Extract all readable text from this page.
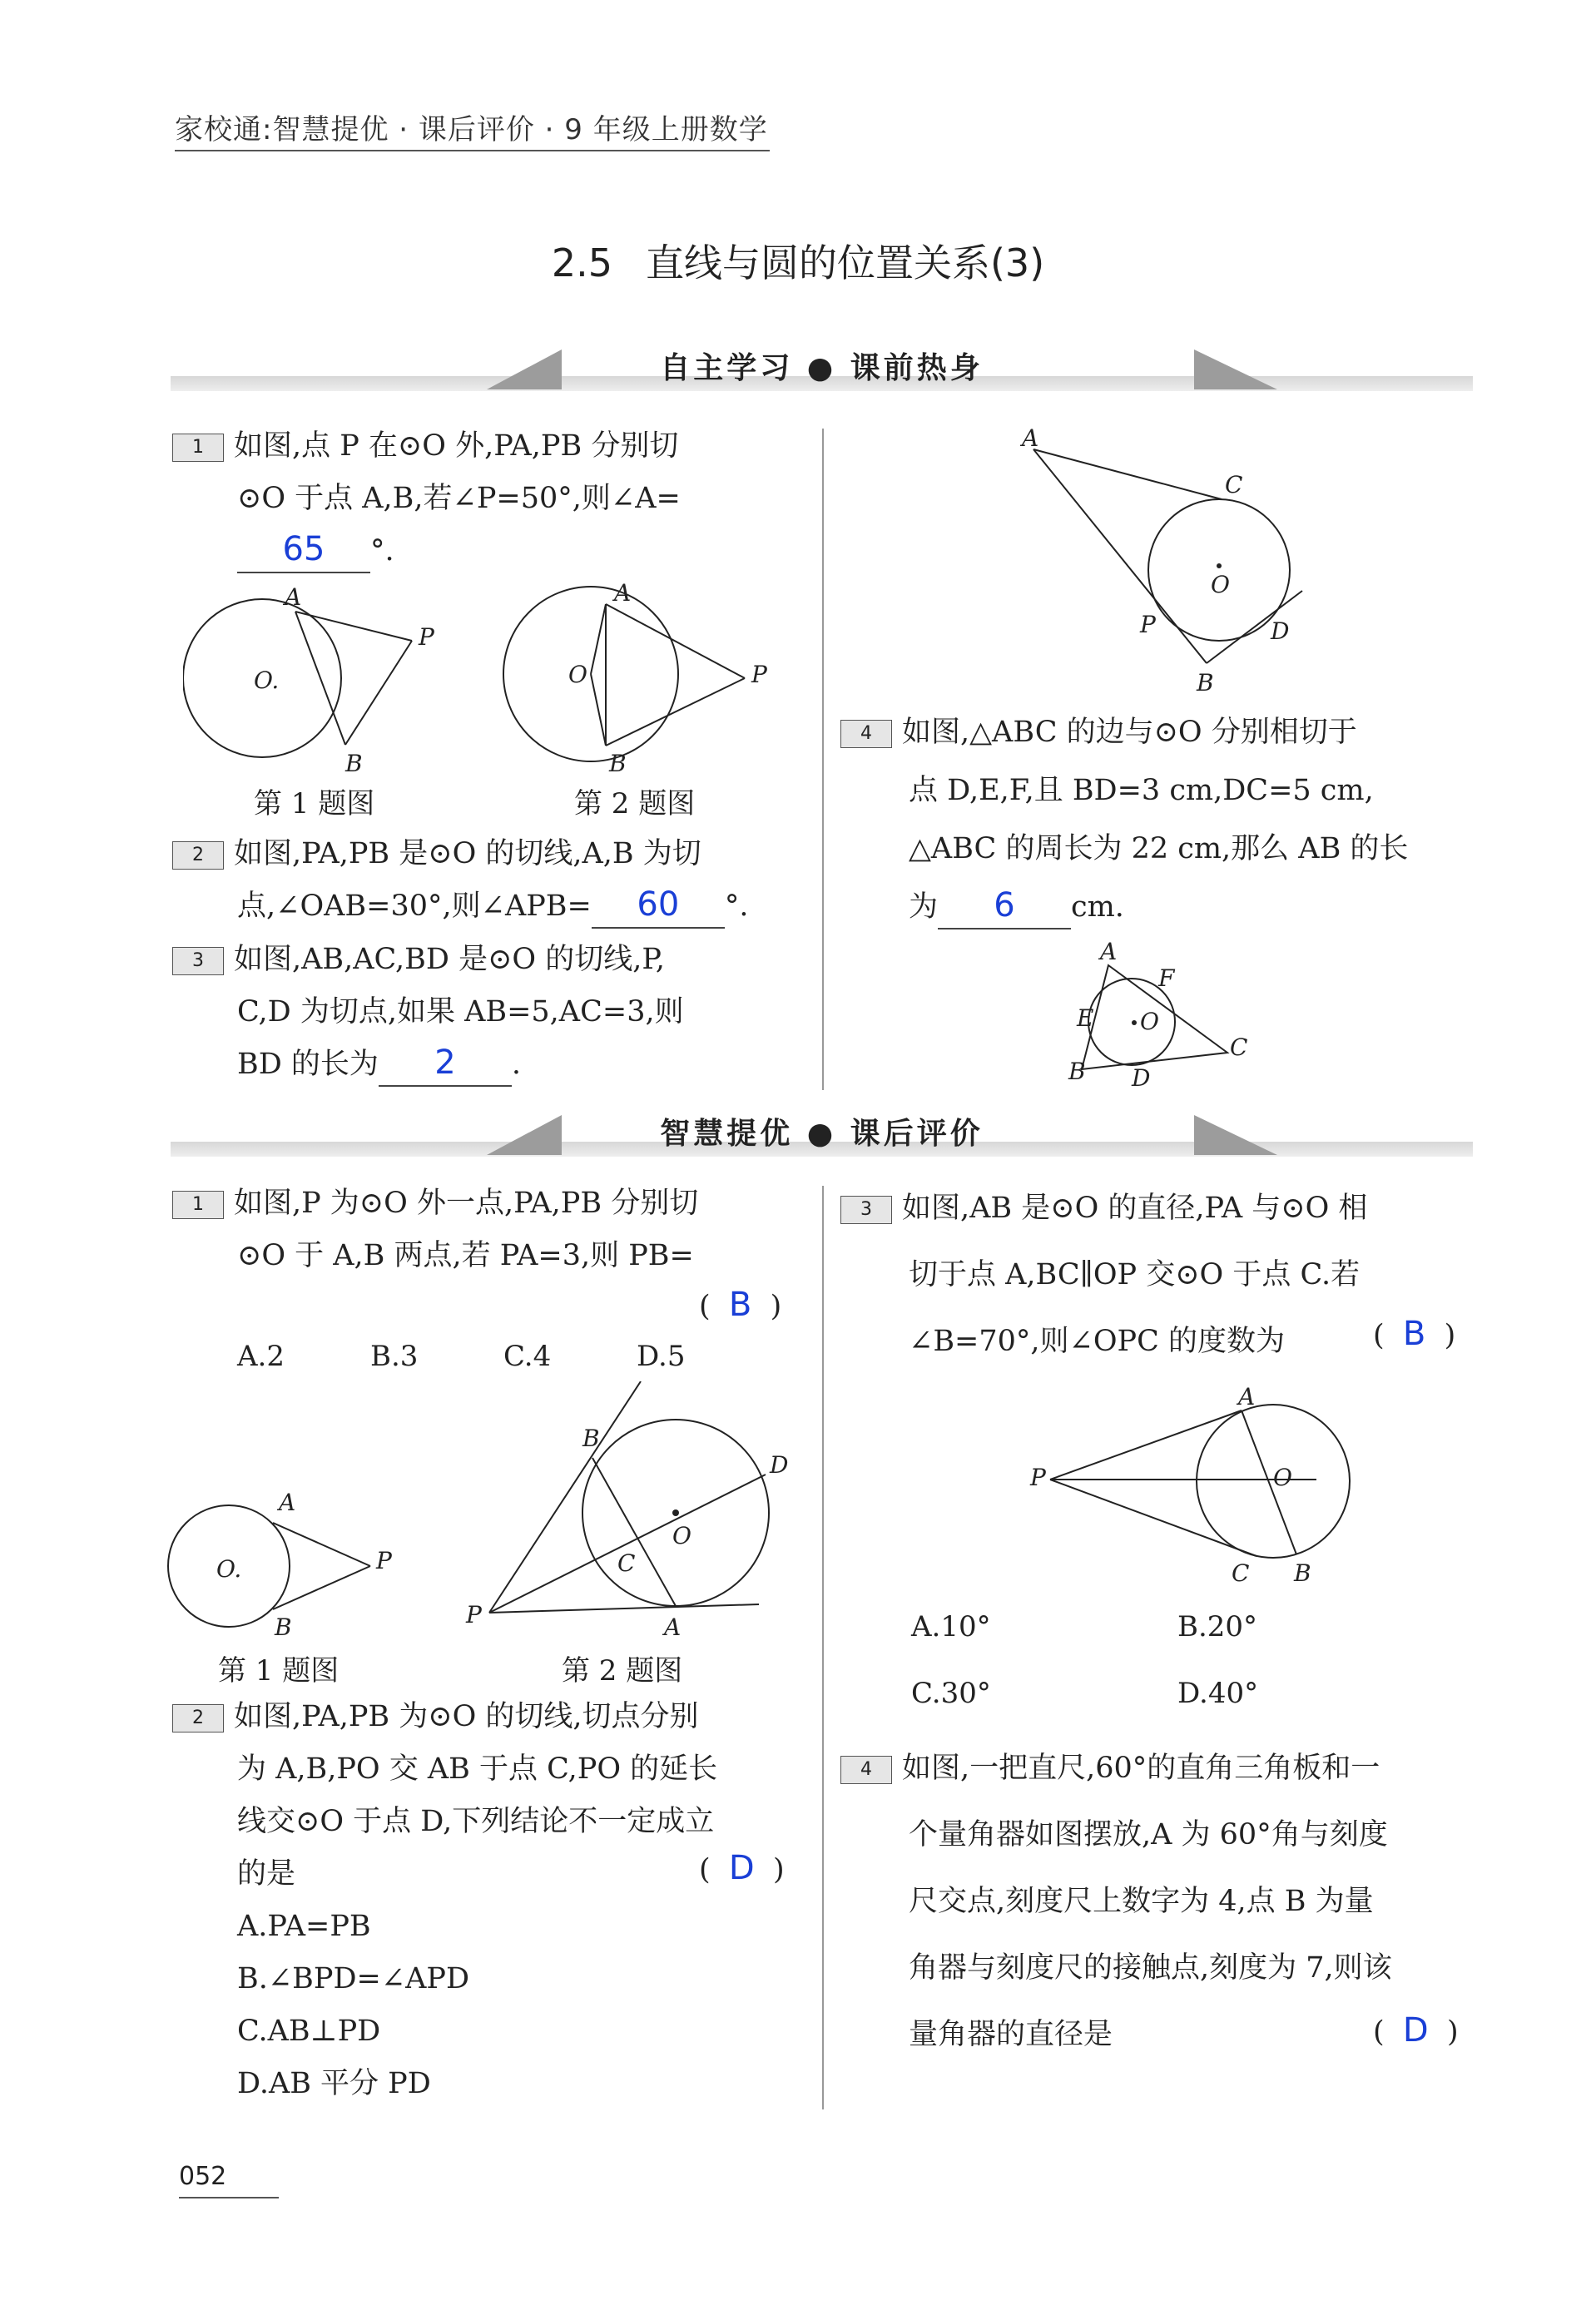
家校通:智慧提优 · 课后评价 · 9 年级上册数学
2.5 直线与圆的位置关系(3)
自主学习 ● 课前热身
1 如图,点 P 在⊙O 外,PA,PB 分别切
⊙O 于点 A,B,若∠P=50°,则∠A=
65 °.
A
P
B
O.
A
P
O
B
第 1 题图	第 2 题图
2 如图,PA,PB 是⊙O 的切线,A,B 为切
点,∠OAB=30°,则∠APB= 60 °.
3 如图,AB,AC,BD 是⊙O 的切线,P,
C,D 为切点,如果 AB=5,AC=3,则
BD 的长为 2 .
A
C
O
P	D
B
4 如图,△ABC 的边与⊙O 分别相切于
点 D,E,F,且 BD=3 cm,DC=5 cm,
△ABC 的周长为 22 cm,那么 AB 的长
为 6 cm.
A
F
E O
C
B D
智慧提优 ● 课后评价
1 如图,P 为⊙O 外一点,PA,PB 分别切
⊙O 于 A,B 两点,若 PA=3,则 PB=
(  B  )
A.2	B.3	C.4	D.5
A
P
B
O.
B
D
O
C
P	A
第 1 题图	第 2 题图
2 如图,PA,PB 为⊙O 的切线,切点分别
为 A,B,PO 交 AB 于点 C,PO 的延长
线交⊙O 于点 D,下列结论不一定成立
的是
A.PA=PB
B.∠BPD=∠APD
C.AB⊥PD
D.AB 平分 PD
(  D  )
3 如图,AB 是⊙O 的直径,PA 与⊙O 相
切于点 A,BC∥OP 交⊙O 于点 C.若
∠B=70°,则∠OPC 的度数为	(  B  )
A
P	O
C B
A.10°	B.20°
C.30°	D.40°
4 如图,一把直尺,60°的直角三角板和一
个量角器如图摆放,A 为 60°角与刻度
尺交点,刻度尺上数字为 4,点 B 为量
角器与刻度尺的接触点,刻度为 7,则该
量角器的直径是	(  D  )
052
